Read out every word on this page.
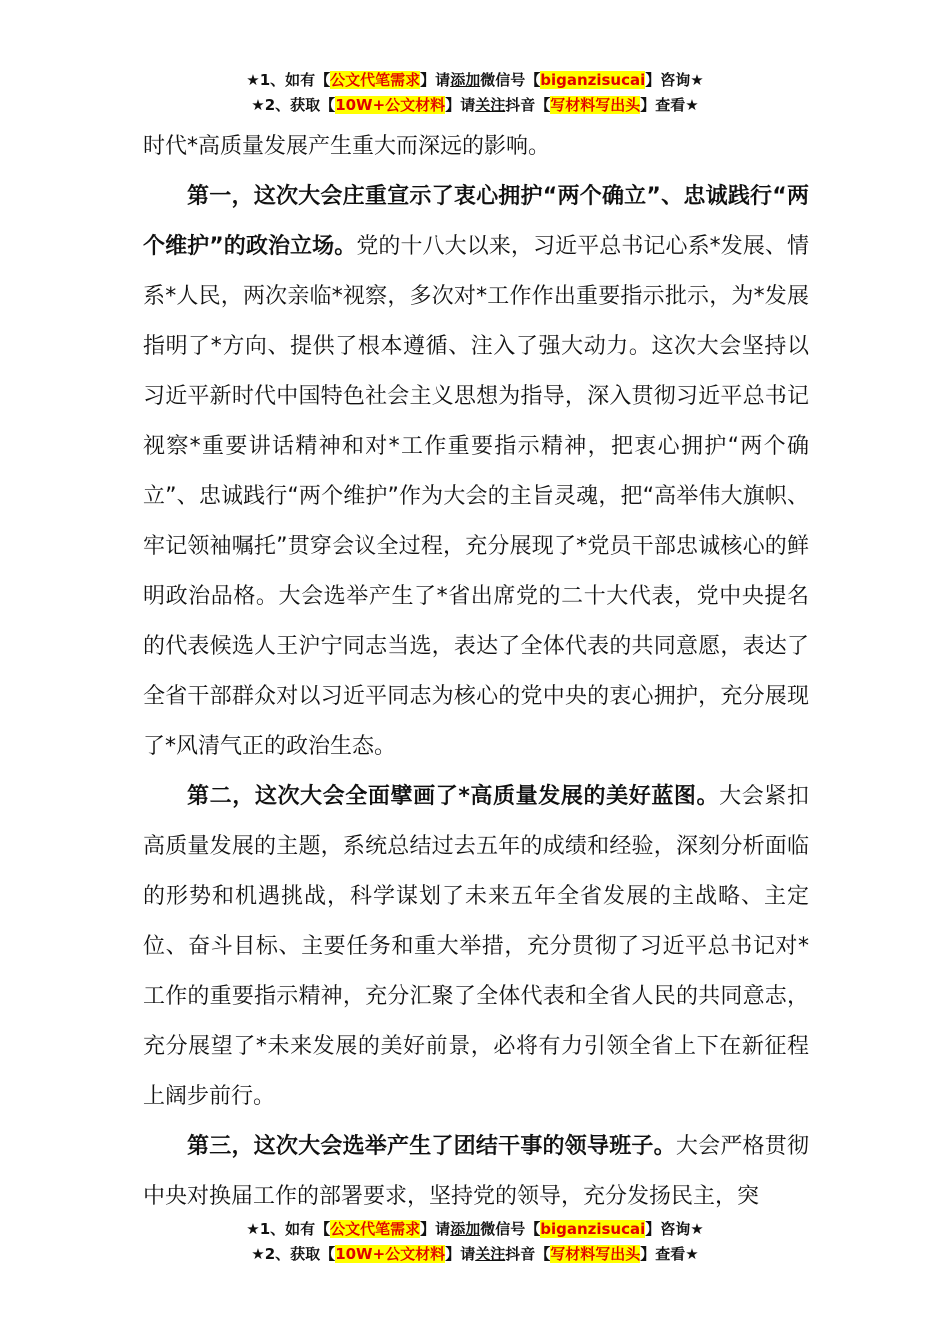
★1、如有【公文代笔需求】请添加微信号【biganzisucai】咨询★
★2、获取【10W+公文材料】请关注抖音【写材料写出头】查看★

时代*高质量发展产生重大而深远的影响。

第一，这次大会庄重宣示了衷心拥护“两个确立”、忠诚践行“两个维护”的政治立场。党的十八大以来，习近平总书记心系*发展、情系*人民，两次亲临*视察，多次对*工作作出重要指示批示，为*发展指明了*方向、提供了根本遵循、注入了强大动力。这次大会坚持以习近平新时代中国特色社会主义思想为指导，深入贯彻习近平总书记视察*重要讲话精神和对*工作重要指示精神，把衷心拥护“两个确立”、忠诚践行“两个维护”作为大会的主旨灵魂，把“高举伟大旗帜、牢记领袖嘱托”贯穿会议全过程，充分展现了*党员干部忠诚核心的鲜明政治品格。大会选举产生了*省出席党的二十大代表，党中央提名的代表候选人王沪宁同志当选，表达了全体代表的共同意愿，表达了全省干部群众对以习近平同志为核心的党中央的衷心拥护，充分展现了*风清气正的政治生态。

第二，这次大会全面擘画了*高质量发展的美好蓝图。大会紧扣高质量发展的主题，系统总结过去五年的成绩和经验，深刻分析面临的形势和机遇挑战，科学谋划了未来五年全省发展的主战略、主定位、奋斗目标、主要任务和重大举措，充分贯彻了习近平总书记对*工作的重要指示精神，充分汇聚了全体代表和全省人民的共同意志，充分展望了*未来发展的美好前景，必将有力引领全省上下在新征程上阔步前行。

第三，这次大会选举产生了团结干事的领导班子。大会严格贯彻中央对换届工作的部署要求，坚持党的领导，充分发扬民主，突

★1、如有【公文代笔需求】请添加微信号【biganzisucai】咨询★
★2、获取【10W+公文材料】请关注抖音【写材料写出头】查看★
